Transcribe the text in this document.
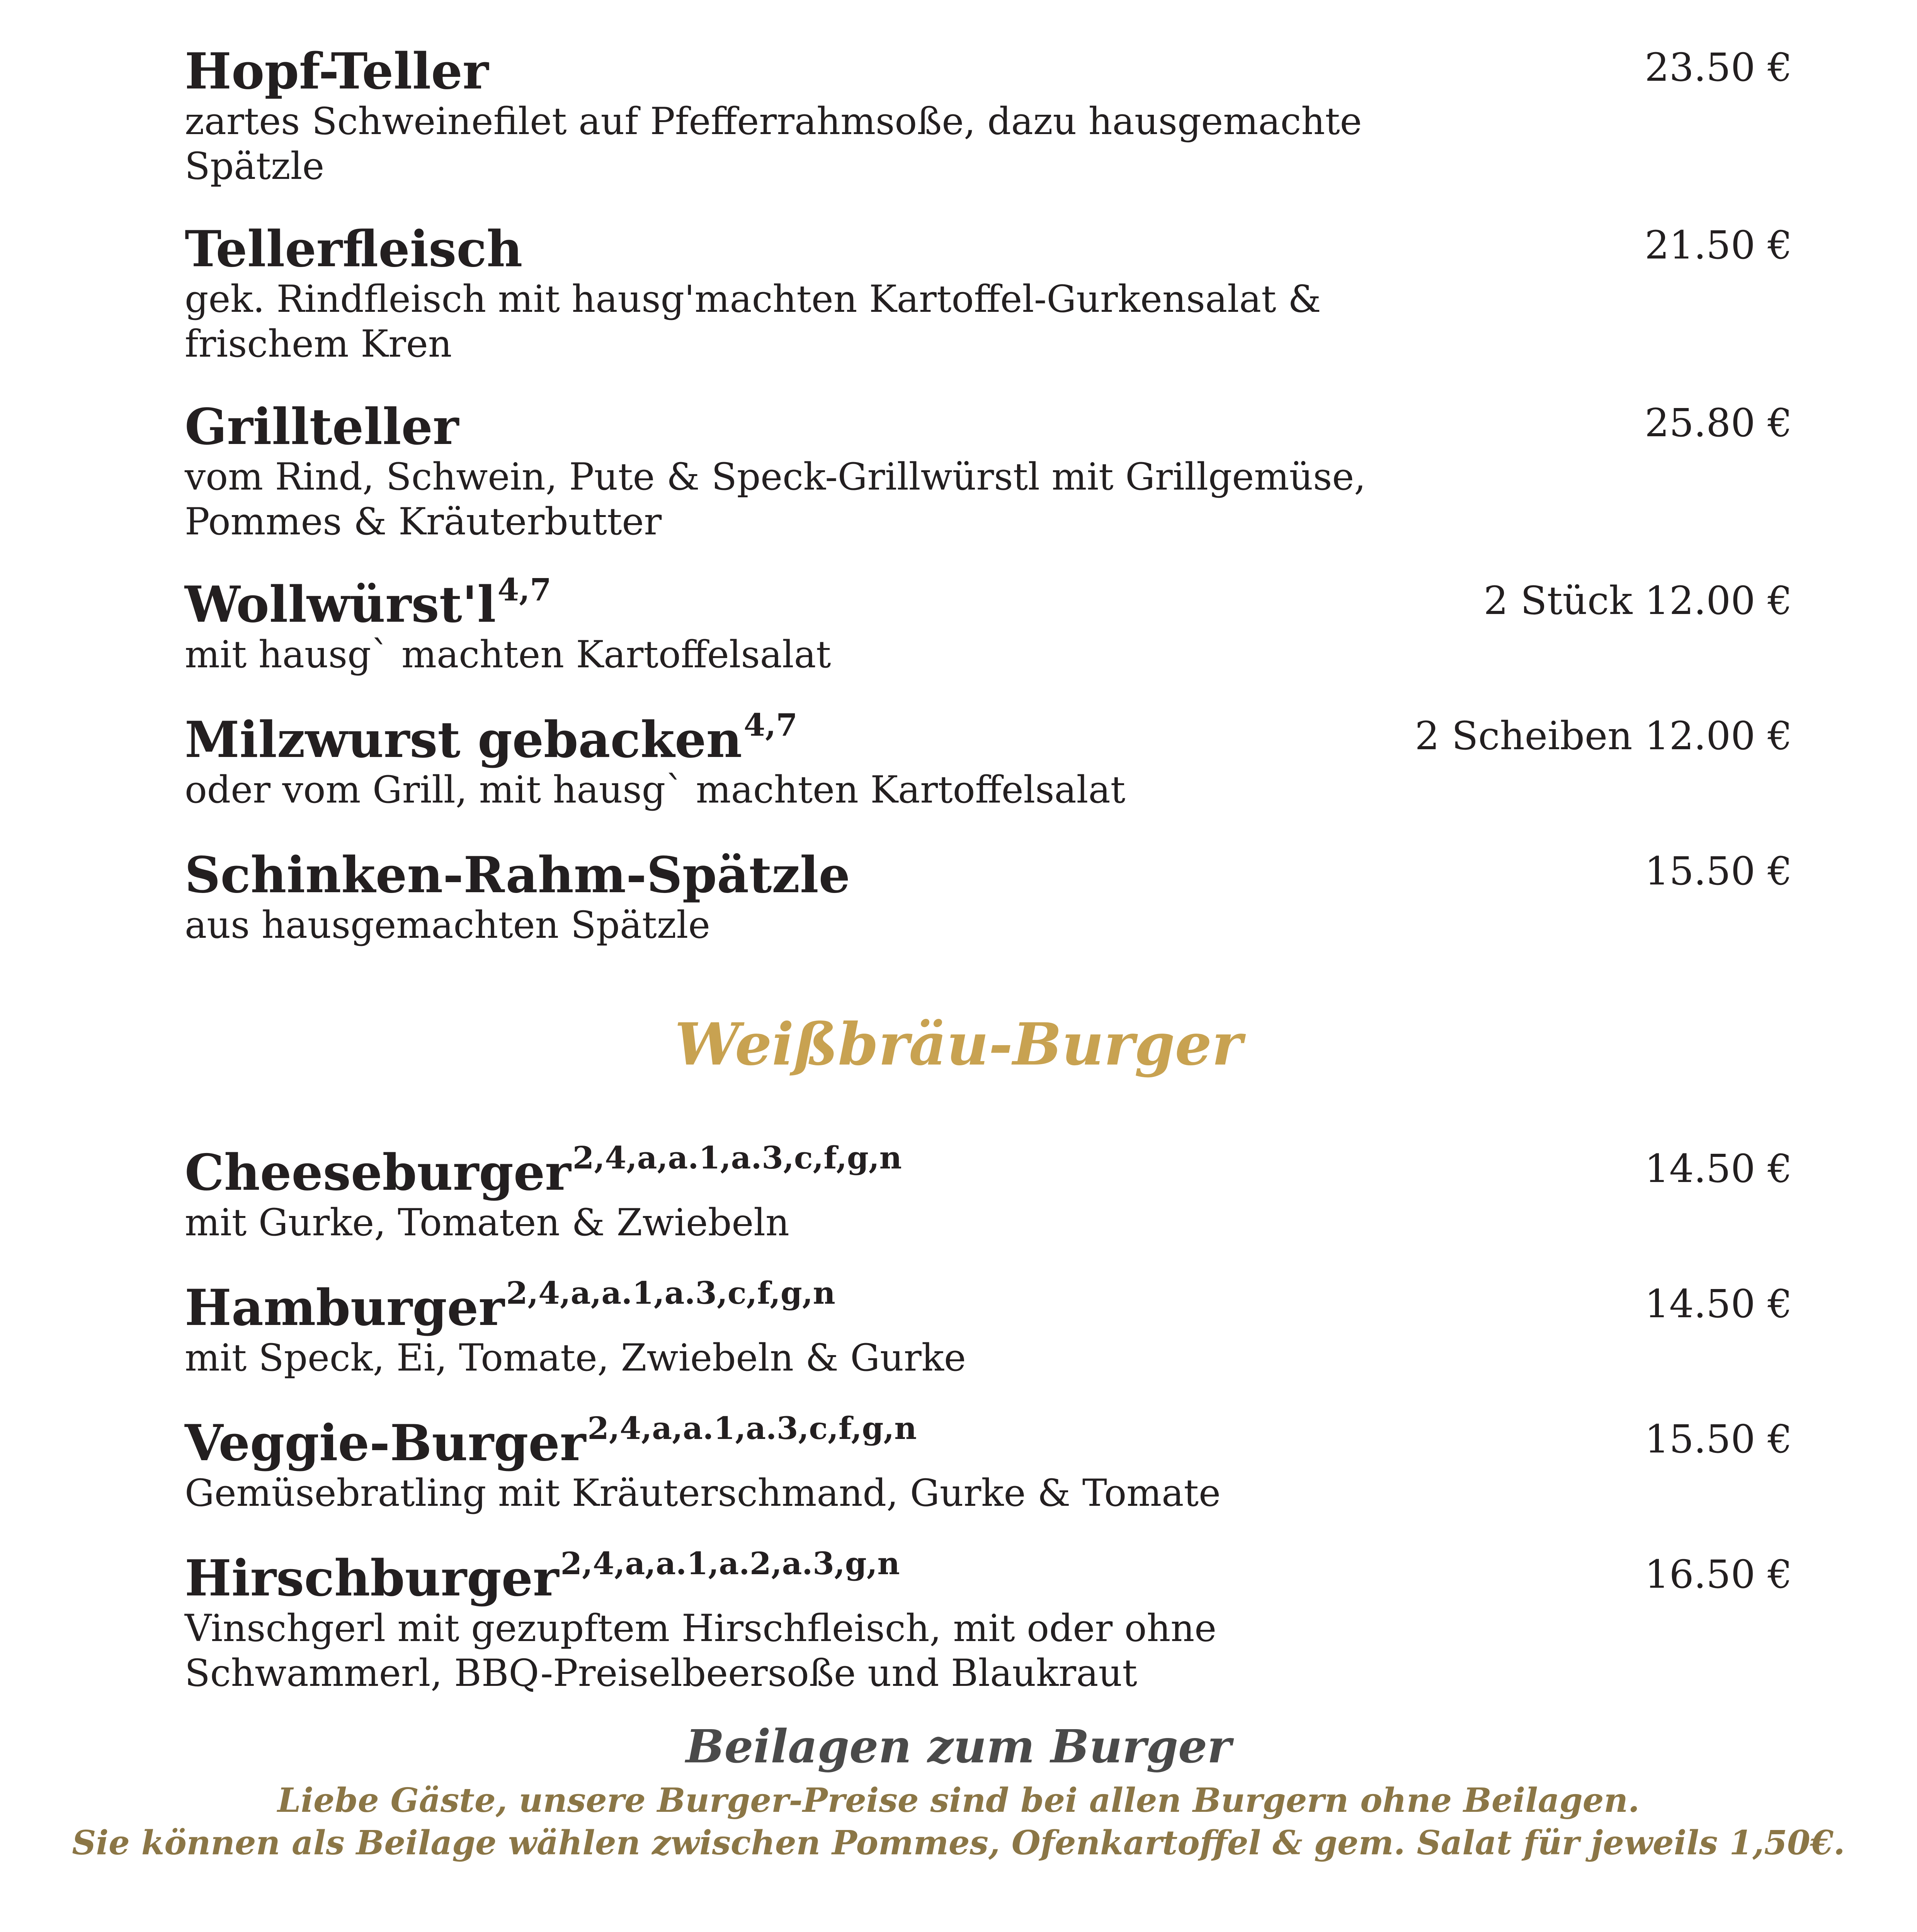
Hopf-Teller
zartes Schweinefilet auf Pfefferrahmsoße, dazu hausgemachte Spätzle
23.50 €
Tellerfleisch
gek. Rindfleisch mit hausg'machten Kartoffel-Gurkensalat & frischem Kren
21.50 €
Grillteller
vom Rind, Schwein, Pute & Speck-Grillwürstl mit Grillgemüse, Pommes & Kräuterbutter
25.80 €
$Wollwürst'l^{4,7}$
mit hausg` machten Kartoffelsalat
2 Stück 12.00 €
Milzwurst gebacken$^{4,7}$
oder vom Grill, mit hausg` machten Kartoffelsalat
2 Scheiben 12.00 €
Schinken-Rahm-Spätzle
aus hausgemachten Spätzle
15.50 €
Weißbräu-Burger
Cheeseburger$^{2,4,a,a.1,a.3,c,f,g,n}$
mit Gurke, Tomaten & Zwiebeln
14.50 €
Hamburger$^{2,4,a,a.1,a.3,c,f,g,n}$
mit Speck, Ei, Tomate, Zwiebeln & Gurke
14.50 €
Veggie-Burger$^{2,4,a,a.1,a.3,c,f,g,n}$
Gemüsebratling mit Kräuterschmand, Gurke & Tomate
15.50 €
Hirschburger$^{2,4,a,a.1,a.2,a.3,g,n}$
Vinschgerl mit gezupftem Hirschfleisch, mit oder ohne Schwammerl, BBQ-Preiselbeersoße und Blaukraut
16.50 €
Beilagen zum Burger
Liebe Gäste, unsere Burger-Preise sind bei allen Burgern ohne Beilagen.
Sie können als Beilage wählen zwischen Pommes, Ofenkartoffel & gem. Salat für jeweils 1,50€.
